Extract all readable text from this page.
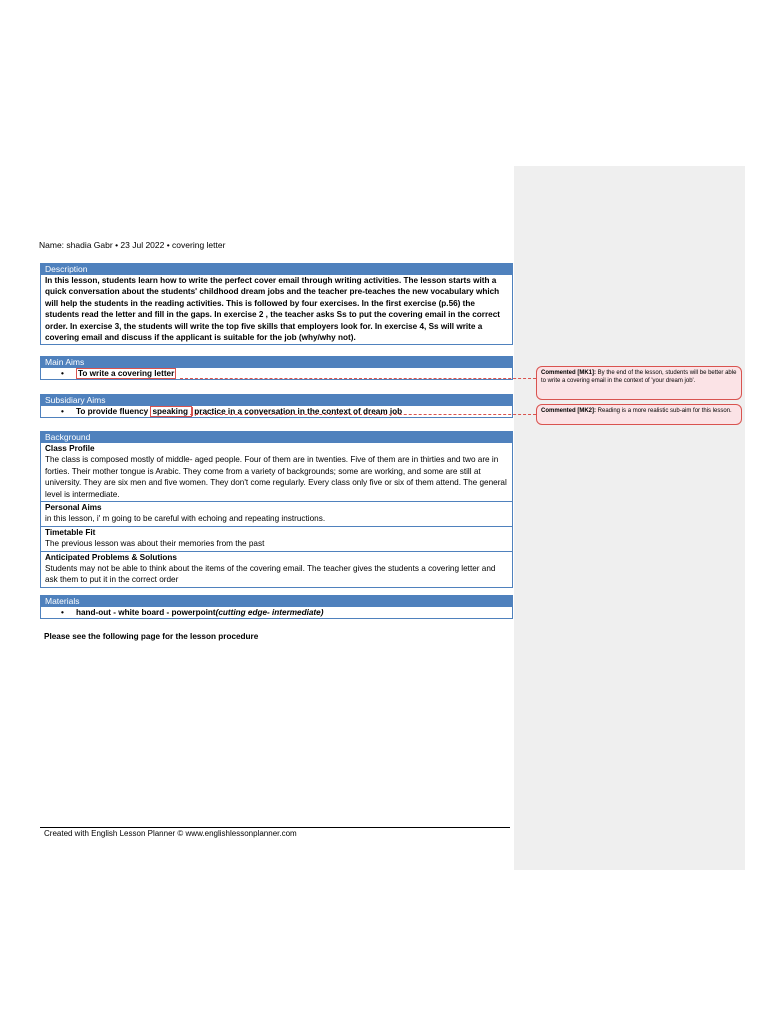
Name: shadia Gabr • 23 Jul 2022 • covering letter
Description
In this lesson, students learn how to write the perfect cover email through writing activities. The lesson starts with a quick conversation about the students' childhood dream jobs and the teacher pre-teaches the new vocabulary which will help the students in the reading activities. This is followed by four exercises. In the first exercise (p.56) the students read the letter and fill in the gaps. In exercise 2 , the teacher asks Ss to put the covering email in the correct order. In exercise 3, the students will write the top five skills that employers look for. In exercise 4, Ss will write a covering email and discuss if the applicant is suitable for the job (why/why not).
Main Aims
• To write a covering letter
Subsidiary Aims
• To provide fluency speaking practice in a conversation in the context of dream job
Background
Class Profile
The class is composed mostly of middle- aged people. Four of them are in twenties. Five of them are in thirties and two are in forties. Their mother tongue is Arabic. They come from a variety of backgrounds; some are working, and some are still at university. They are six men and five women. They don't come regularly. Every class only five or six of them attend. The general level is intermediate.
Personal Aims
in this lesson, i' m going to be careful with echoing and repeating instructions.
Timetable Fit
The previous lesson was about their memories from the past
Anticipated Problems & Solutions
Students may not be able to think about the items of the covering email. The teacher gives the students a covering letter and ask them to put it in the correct order
Materials
• hand-out - white board - powerpoint(cutting edge- intermediate)
Please see the following page for the lesson procedure
Created with English Lesson Planner © www.englishlessonplanner.com
Commented [MK1]: By the end of the lesson, students will be better able to write a covering email in the context of 'your dream job'.
Commented [MK2]: Reading is a more realistic sub-aim for this lesson.
